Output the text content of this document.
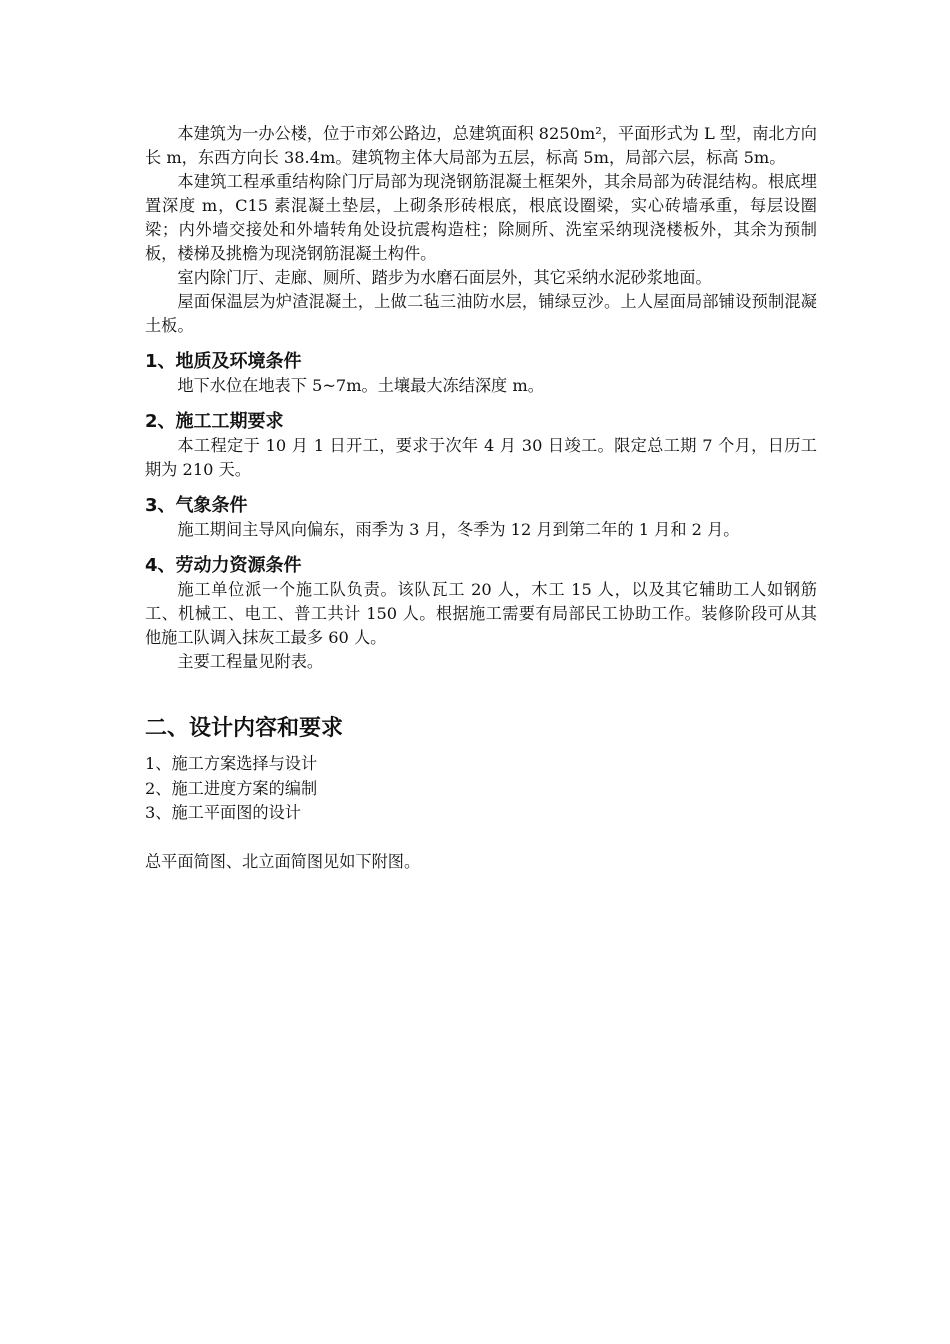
本建筑为一办公楼，位于市郊公路边，总建筑面积 8250m²，平面形式为 L 型，南北方向长 m，东西方向长 38.4m。建筑物主体大局部为五层，标高 5m，局部六层，标高 5m。

本建筑工程承重结构除门厅局部为现浇钢筋混凝土框架外，其余局部为砖混结构。根底埋置深度 m，C15 素混凝土垫层，上砌条形砖根底，根底设圈梁，实心砖墙承重，每层设圈梁；内外墙交接处和外墙转角处设抗震构造柱；除厕所、洗室采纳现浇楼板外，其余为预制板，楼梯及挑檐为现浇钢筋混凝土构件。

室内除门厅、走廊、厕所、踏步为水磨石面层外，其它采纳水泥砂浆地面。

屋面保温层为炉渣混凝土，上做二毡三油防水层，铺绿豆沙。上人屋面局部铺设预制混凝土板。

1、地质及环境条件

地下水位在地表下 5~7m。土壤最大冻结深度 m。

2、施工工期要求

本工程定于 10 月 1 日开工，要求于次年 4 月 30 日竣工。限定总工期 7 个月，日历工期为 210 天。

3、气象条件

施工期间主导风向偏东，雨季为 3 月，冬季为 12 月到第二年的 1 月和 2 月。

4、劳动力资源条件

施工单位派一个施工队负责。该队瓦工 20 人，木工 15 人，以及其它辅助工人如钢筋工、机械工、电工、普工共计 150 人。根据施工需要有局部民工协助工作。装修阶段可从其他施工队调入抹灰工最多 60 人。

主要工程量见附表。

二、设计内容和要求

1、施工方案选择与设计

2、施工进度方案的编制

3、施工平面图的设计

总平面简图、北立面简图见如下附图。
